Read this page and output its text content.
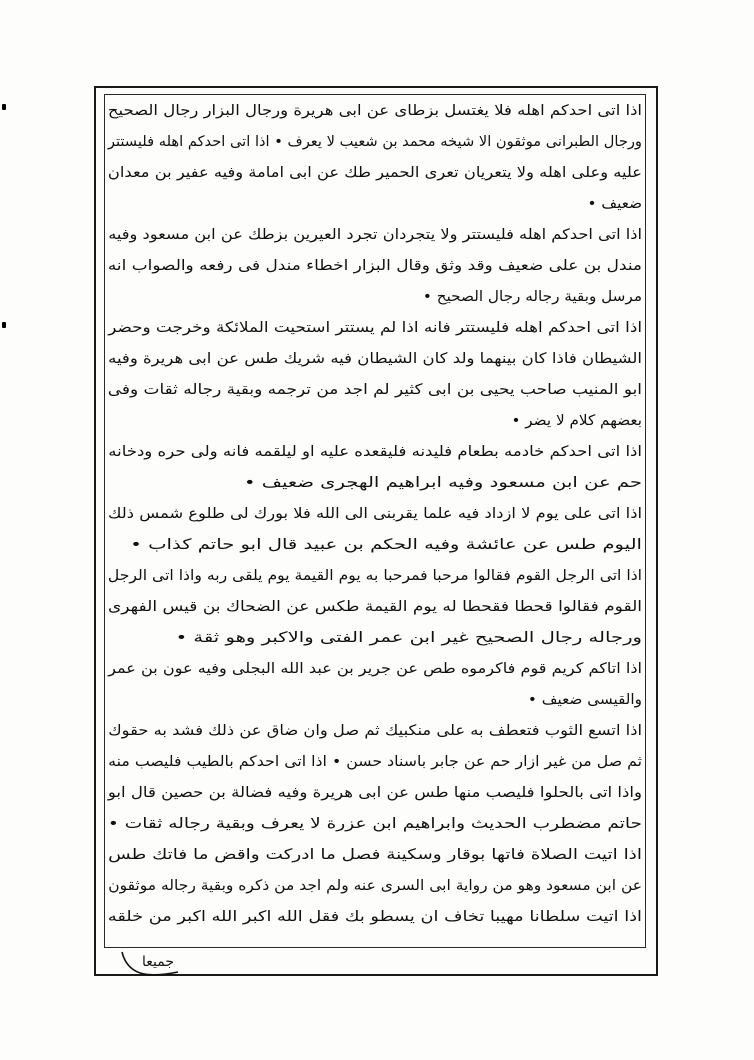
اذا اتى احدكم اهله فلا يغتسل بزطاى عن ابى هريرة ورجال البزار رجال الصحيح
ورجال الطبرانى موثقون الا شيخه محمد بن شعيب لا يعرف • اذا اتى احدكم اهله فليستتر
عليه وعلى اهله ولا يتعريان تعرى الحمير طك عن ابى امامة وفيه عفير بن معدان
ضعيف •
اذا اتى احدكم اهله فليستتر ولا يتجردان تجرد العيرين بزطك عن ابن مسعود وفيه
مندل بن على ضعيف وقد وثق وقال البزار اخطاء مندل فى رفعه والصواب انه
مرسل وبقية رجاله رجال الصحيح •
اذا اتى احدكم اهله فليستتر فانه اذا لم يستتر استحيت الملائكة وخرجت وحضر
الشيطان فاذا كان بينهما ولد كان الشيطان فيه شريك طس عن ابى هريرة وفيه
ابو المنيب صاحب يحيى بن ابى كثير لم اجد من ترجمه وبقية رجاله ثقات وفى
بعضهم كلام لا يضر •
اذا اتى احدكم خادمه بطعام فليدنه فليقعده عليه او ليلقمه فانه ولى حره ودخانه
حم عن ابن مسعود وفيه ابراهيم الهجرى ضعيف •
اذا اتى على يوم لا ازداد فيه علما يقربنى الى الله فلا بورك لى طلوع شمس ذلك
اليوم طس عن عائشة وفيه الحكم بن عبيد قال ابو حاتم كذاب •
اذا اتى الرجل القوم فقالوا مرحبا فمرحبا به يوم القيمة يوم يلقى ربه واذا اتى الرجل
القوم فقالوا قحطا فقحطا له يوم القيمة طكس عن الضحاك بن قيس الفهرى
ورجاله رجال الصحيح غير ابن عمر الفتى والاكبر وهو ثقة •
اذا اتاكم كريم قوم فاكرموه طص عن جرير بن عبد الله البجلى وفيه عون بن عمر
والقيسى ضعيف •
اذا اتسع الثوب فتعطف به على منكبيك ثم صل وان ضاق عن ذلك فشد به حقوك
ثم صل من غير ازار حم عن جابر باسناد حسن • اذا اتى احدكم بالطيب فليصب منه
واذا اتى بالحلوا فليصب منها طس عن ابى هريرة وفيه فضالة بن حصين قال ابو
حاتم مضطرب الحديث وابراهيم ابن عزرة لا يعرف وبقية رجاله ثقات •
اذا اتيت الصلاة فاتها بوقار وسكينة فصل ما ادركت واقض ما فاتك طس
عن ابن مسعود وهو من رواية ابى السرى عنه ولم اجد من ذكره وبقية رجاله موثقون
اذا اتيت سلطانا مهيبا تخاف ان يسطو بك فقل الله اكبر الله اكبر من خلقه
جميعا
